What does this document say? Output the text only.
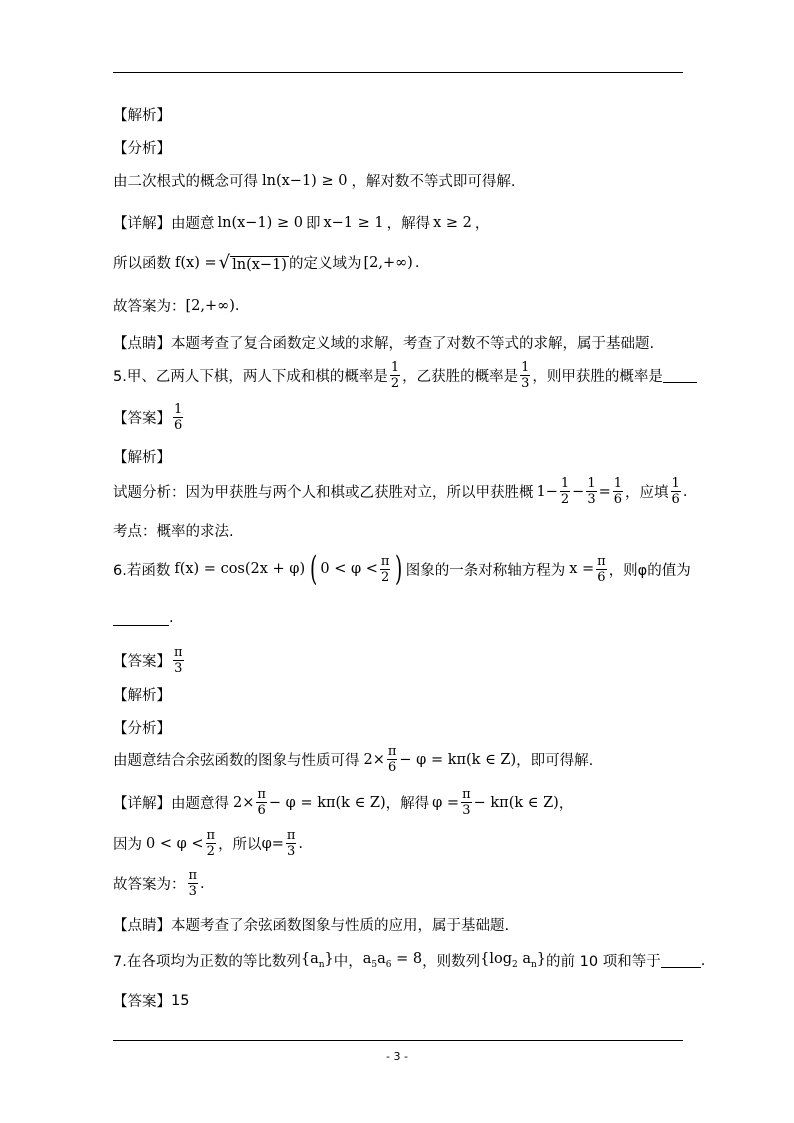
【解析】
【分析】
由二次根式的概念可得 ln(x−1) ≥ 0 ，解对数不等式即可得解.
【详解】 由题意 ln(x−1) ≥ 0 即 x−1 ≥ 1 ，解得 x ≥ 2 ，
所以函数 f(x) = √ ln(x−1) 的定义域为 [2,+∞) .
故答案为： [2,+∞) .
【点睛】 本题考查了复合函数定义域的求解，考查了对数不等式的求解，属于基础题.
5.甲、乙两人下棋，两人下成和棋的概率是 $\frac{1}{2}$ ，乙获胜的概率是 $\frac{1}{3}$ ，则甲获胜的概率是
【答案】 $\frac{1}{6}$
【解析】
试题分析：因为甲获胜与两个人和棋或乙获胜对立，所以甲获胜概 $1- \frac{1}{2} - \frac{1}{3} = \frac{1}{6}$ ，应填 $\frac{1}{6}$ .
考点：概率的求法.
6.若函数 f(x) = cos(2x + φ) ( $0 < \varphi < \frac{\pi}{2}$ ) 图象的一条对称轴方程为 $x = \frac{\pi}{6}$ ，则φ的值为
.
【答案】 $\frac{\pi}{3}$
【解析】
【分析】
由题意结合余弦函数的图象与性质可得 $2\times \frac{\pi}{6} - \varphi = k\pi(k$ ∈ Z) ，即可得解.
【详解】 由题意得 $2\times \frac{\pi}{6} - \varphi = k\pi(k$ ∈ Z) ，解得 $\varphi = \frac{\pi}{3} - k\pi(k$ ∈ Z) ，
因为 $0 < \varphi < \frac{\pi}{2}$ ，所以 $\varphi= \frac{\pi}{3}$ .
故答案为： $\frac{\pi}{3}$ .
【点睛】 本题考查了余弦函数图象与性质的应用，属于基础题.
7.在各项均为正数的等比数列 $\{a_n\}$ 中， $a_5a_6 = 8$ ，则数列 {$\log_2$ $a_n$} 的前 10 项和等于	.
【答案】 15
- 3 -
